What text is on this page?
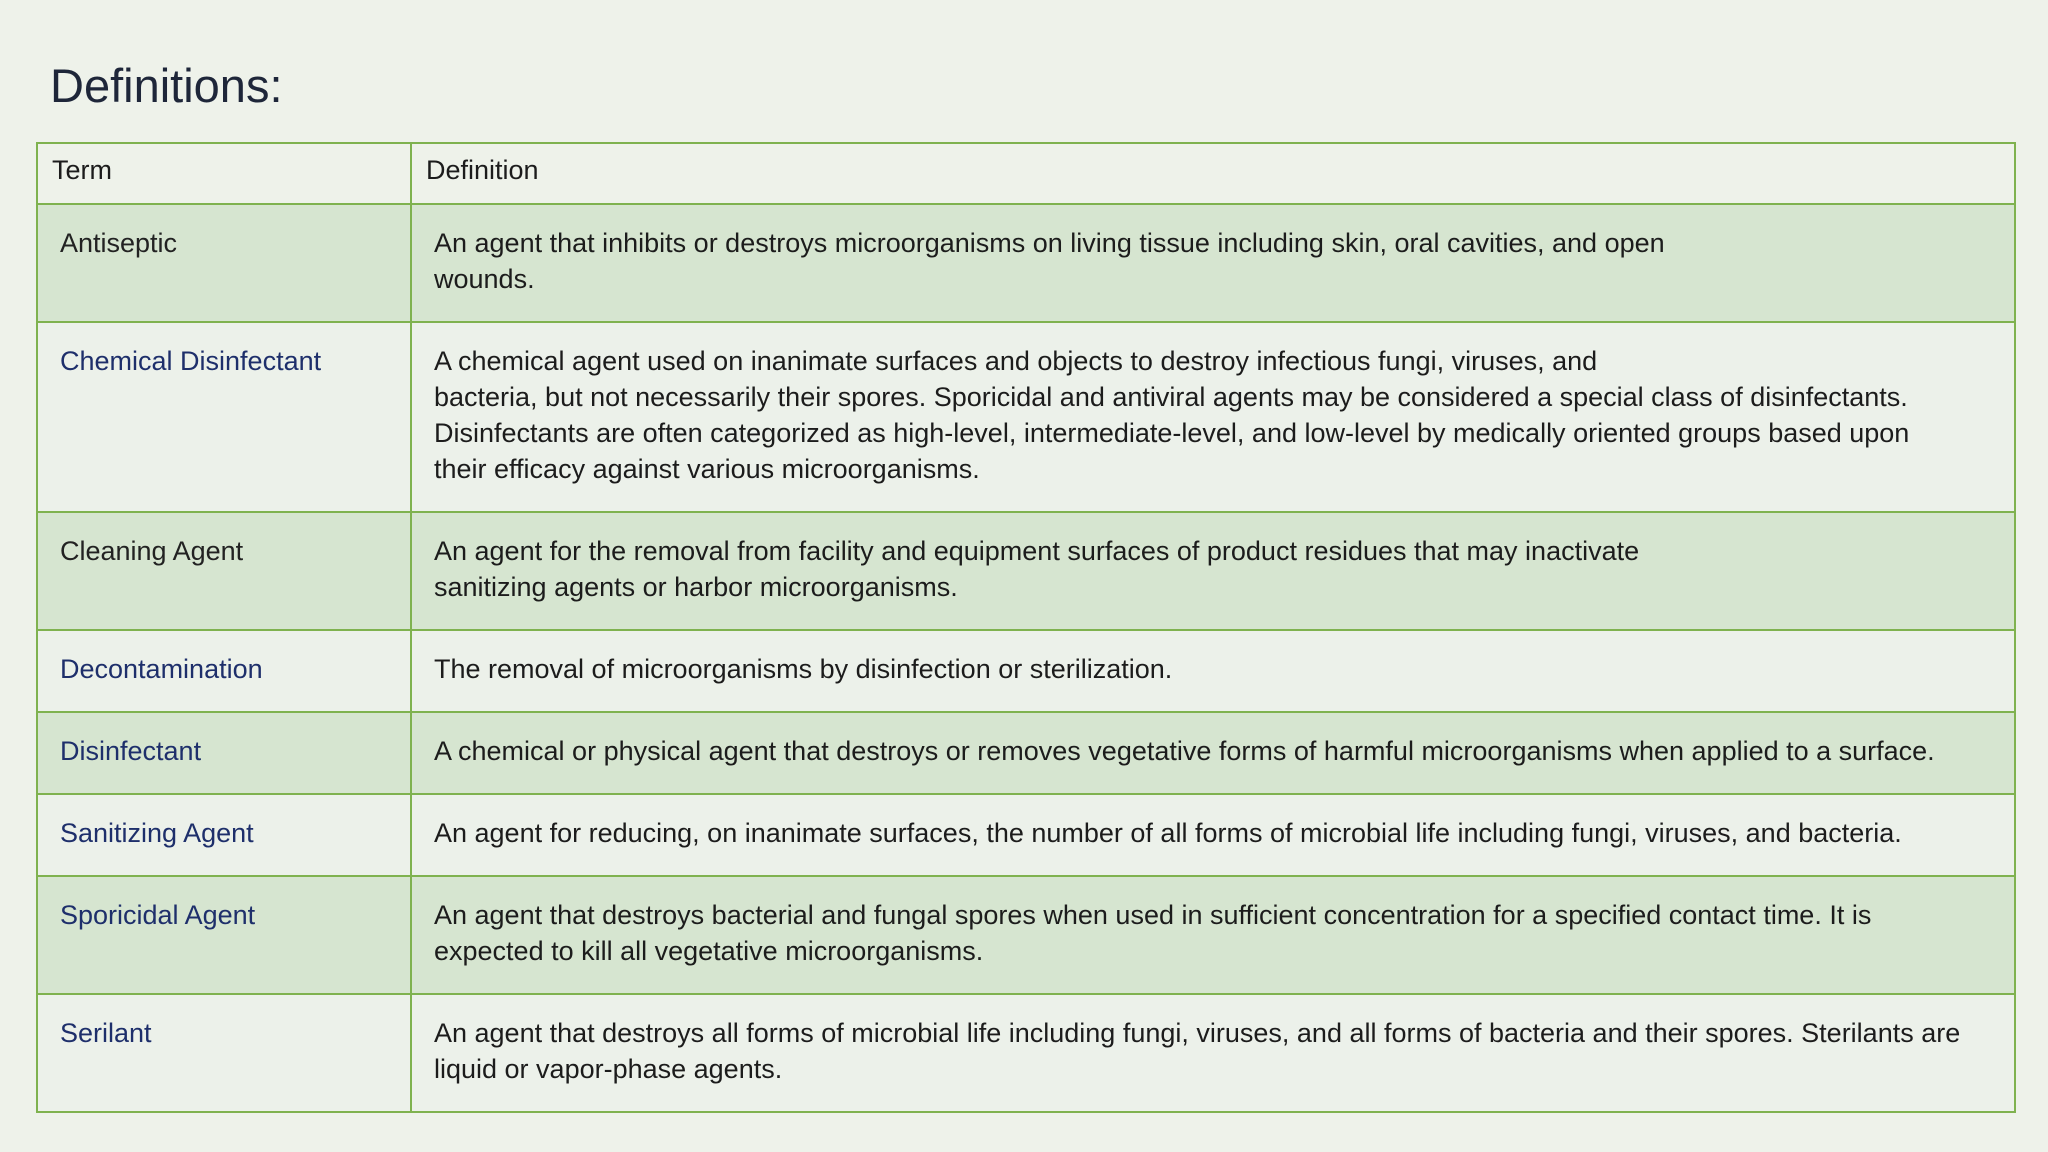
Definitions:
Term	Definition
Antiseptic	An agent that inhibits or destroys microorganisms on living tissue including skin, oral cavities, and open
wounds.

Chemical Disinfectant	A chemical agent used on inanimate surfaces and objects to destroy infectious fungi, viruses, and
bacteria, but not necessarily their spores. Sporicidal and antiviral agents may be considered a special class of disinfectants.
Disinfectants are often categorized as high-level, intermediate-level, and low-level by medically oriented groups based upon
their efficacy against various microorganisms.

Cleaning Agent	An agent for the removal from facility and equipment surfaces of product residues that may inactivate
sanitizing agents or harbor microorganisms.

Decontamination	The removal of microorganisms by disinfection or sterilization.

Disinfectant	A chemical or physical agent that destroys or removes vegetative forms of harmful microorganisms when applied to a surface.

Sanitizing Agent	An agent for reducing, on inanimate surfaces, the number of all forms of microbial life including fungi, viruses, and bacteria.

Sporicidal Agent	An agent that destroys bacterial and fungal spores when used in sufficient concentration for a specified contact time. It is
expected to kill all vegetative microorganisms.

Serilant	An agent that destroys all forms of microbial life including fungi, viruses, and all forms of bacteria and their spores. Sterilants are
liquid or vapor-phase agents.
